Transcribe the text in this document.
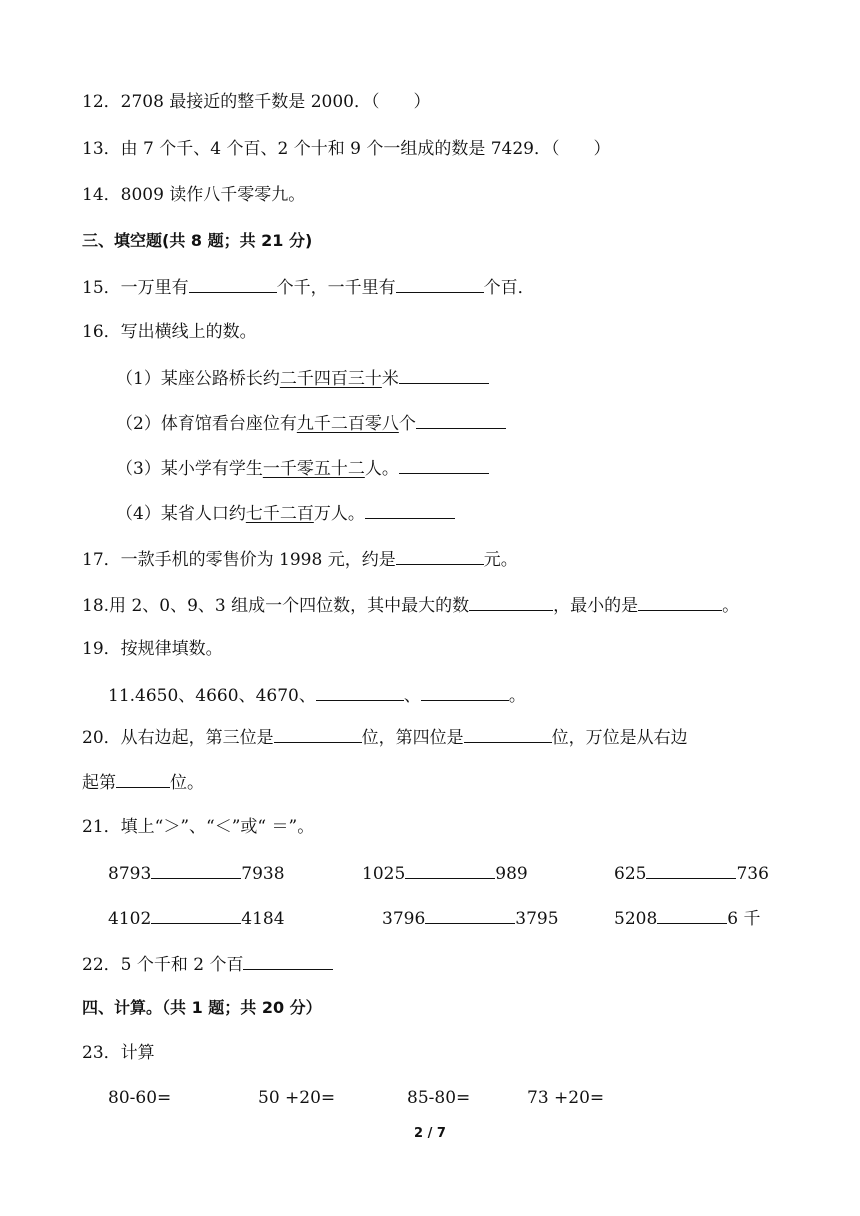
12．2708 最接近的整千数是 2000．（　　）
13．由 7 个千、4 个百、2 个十和 9 个一组成的数是 7429．（　　）
14．8009 读作八千零零九。
三、填空题(共 8 题；共 21 分)
15．一万里有	个千，一千里有	个百．
16．写出横线上的数。
（1）某座公路桥长约二千四百三十米
（2）体育馆看台座位有九千二百零八个
（3）某小学有学生一千零五十二人。
（4）某省人口约七千二百万人。
17．一款手机的零售价为 1998 元，约是	元。
18.用 2、0、9、3 组成一个四位数，其中最大的数	，最小的是	。
19．按规律填数。
11.4650、4660、4670、	、	。
20．从右边起，第三位是	位，第四位是	位，万位是从右边
起第	位。
21．填上“＞”、“＜”或“ ＝”。
8793	7938	1025	989	625	736
4102	4184	3796	3795	5208	6 千
22．5 个千和 2 个百
四、计算。（共 1 题；共 20 分）
23．计算
80-60=	50 +20=	85-80=	73 +20=
2 / 7
